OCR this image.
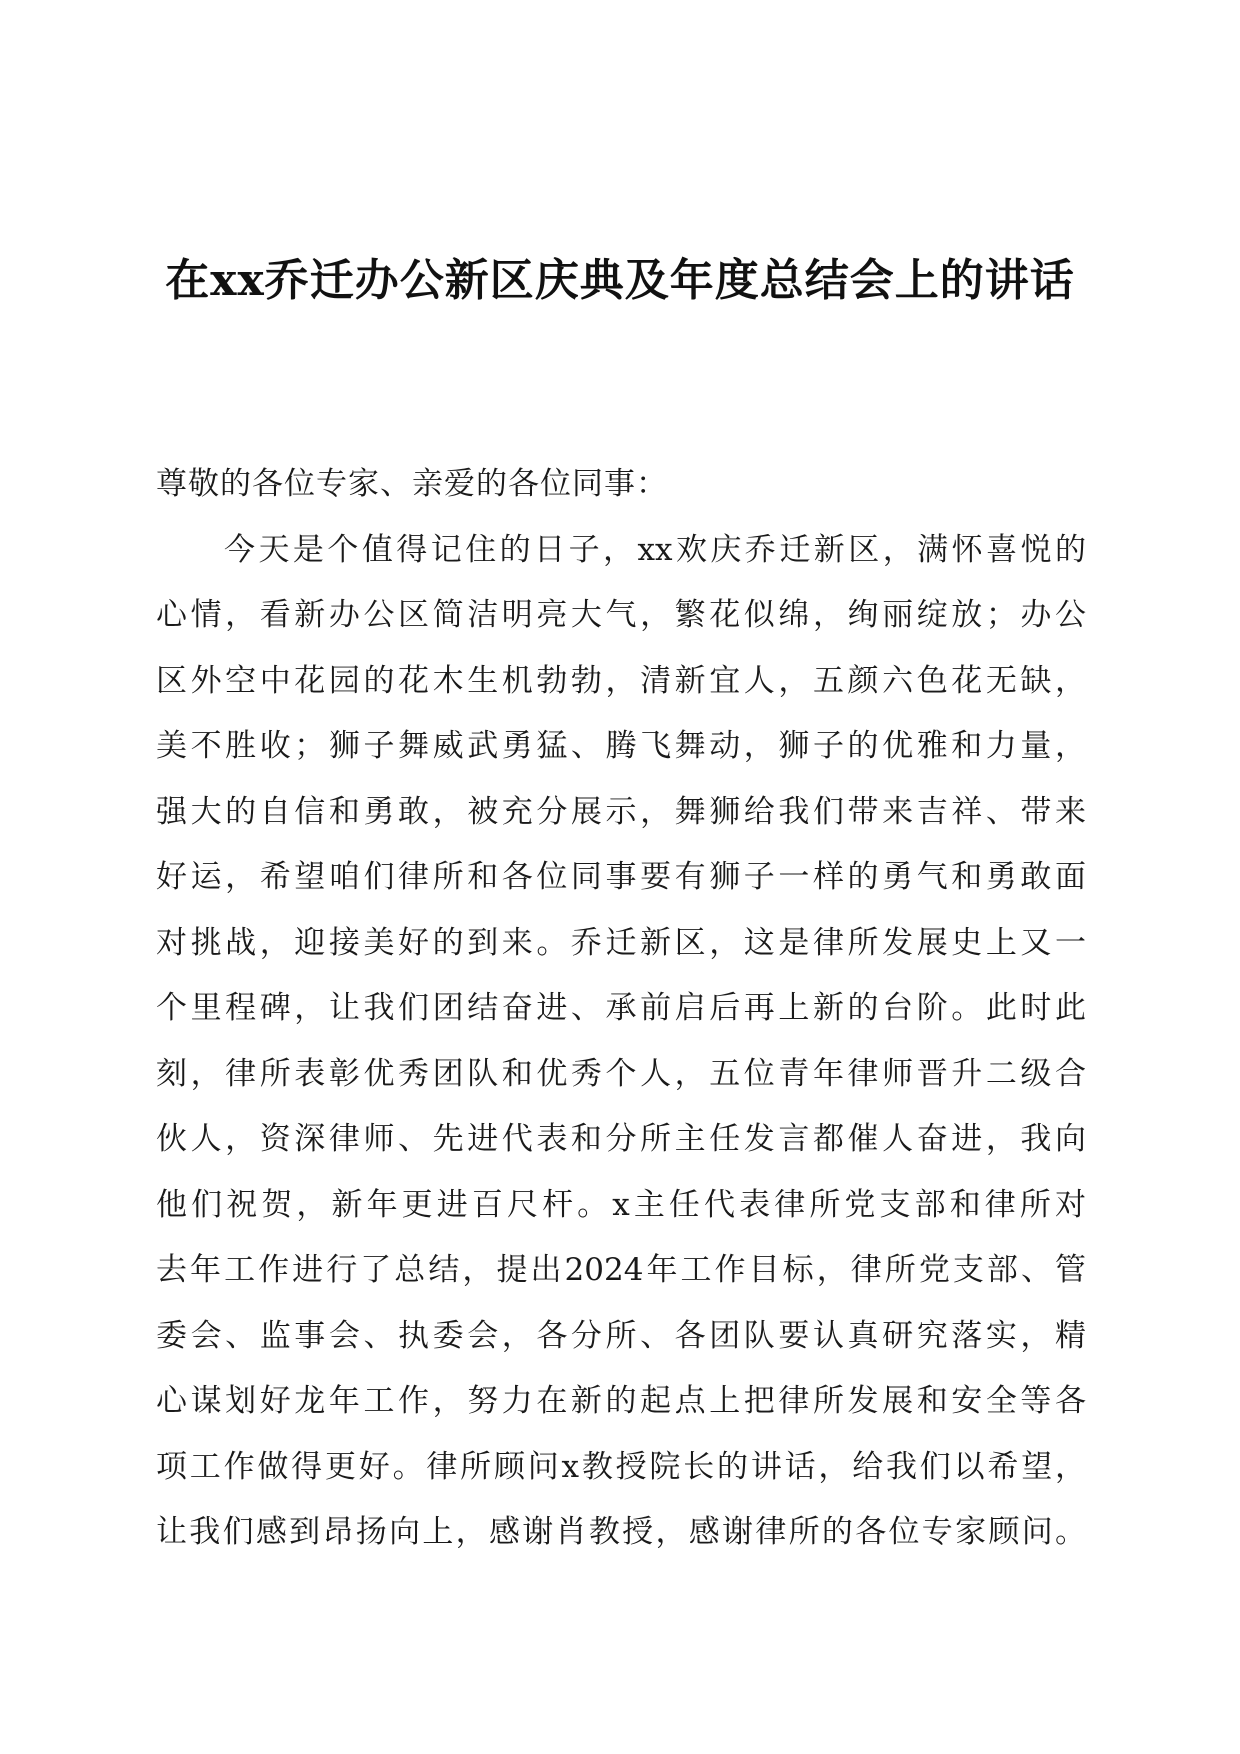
在xx乔迁办公新区庆典及年度总结会上的讲话

尊敬的各位专家、亲爱的各位同事：

今天是个值得记住的日子，xx欢庆乔迁新区，满怀喜悦的
心情，看新办公区简洁明亮大气，繁花似绵，绚丽绽放；办公
区外空中花园的花木生机勃勃，清新宜人，五颜六色花无缺，
美不胜收；狮子舞威武勇猛、腾飞舞动，狮子的优雅和力量，
强大的自信和勇敢，被充分展示，舞狮给我们带来吉祥、带来
好运，希望咱们律所和各位同事要有狮子一样的勇气和勇敢面
对挑战，迎接美好的到来。乔迁新区，这是律所发展史上又一
个里程碑，让我们团结奋进、承前启后再上新的台阶。此时此
刻，律所表彰优秀团队和优秀个人，五位青年律师晋升二级合
伙人，资深律师、先进代表和分所主任发言都催人奋进，我向
他们祝贺，新年更进百尺杆。x主任代表律所党支部和律所对
去年工作进行了总结，提出2024年工作目标，律所党支部、管
委会、监事会、执委会，各分所、各团队要认真研究落实，精
心谋划好龙年工作，努力在新的起点上把律所发展和安全等各
项工作做得更好。律所顾问x教授院长的讲话，给我们以希望，
让我们感到昂扬向上，感谢肖教授，感谢律所的各位专家顾问。
